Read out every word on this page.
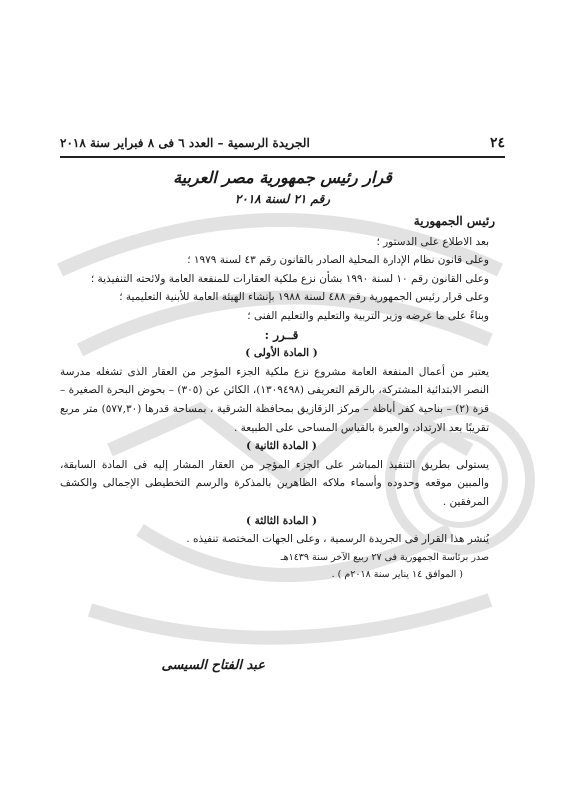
٢٤
الجريدة الرسمية – العدد ٦ فى ٨ فبراير سنة ٢٠١٨
قرار رئيس جمهورية مصر العربية
رقم ٢١ لسنة ٢٠١٨

رئيس الجمهورية

بعد الاطلاع على الدستور ؛

وعلى قانون نظام الإدارة المحلية الصادر بالقانون رقم ٤٣ لسنة ١٩٧٩ ؛

وعلى القانون رقم ١٠ لسنة ١٩٩٠ بشأن نزع ملكية العقارات للمنفعة العامة ولائحته التنفيذية ؛

وعلى قرار رئيس الجمهورية رقم ٤٨٨ لسنة ١٩٨٨ بإنشاء الهيئة العامة للأبنية التعليمية ؛

وبناءً على ما عرضه وزير التربية والتعليم والتعليم الفنى ؛

قــرر :

( المادة الأولى )

يعتبر من أعمال المنفعة العامة مشروع نزع ملكية الجزء المؤجر من العقار الذى تشغله مدرسة النصر الابتدائية المشتركة، بالرقم التعريفى (١٣٠٩٤٩٨)، الكائن عن (٣٠٥) – بحوض البحرة الصغيرة – قزة (٢) – بناحية كفر أباظة – مركز الزقازيق بمحافظة الشرقية ، بمساحة قدرها (٥٧٧,٣٠) متر مربع تقريبًا بعد الارتداد، والعبرة بالقياس المساحى على الطبيعة .

( المادة الثانية )

يستولى بطريق التنفيذ المباشر على الجزء المؤجر من العقار المشار إليه فى المادة السابقة، والمبين موقعه وحدوده وأسماء ملاكه الظاهرين بالمذكرة والرسم التخطيطى الإجمالى والكشف المرفقين .

( المادة الثالثة )

يُنشر هذا القرار فى الجريدة الرسمية ، وعلى الجهات المختصة تنفيذه .

صدر برئاسة الجمهورية فى ٢٧ ربيع الآخر سنة ١٤٣٩هـ

( الموافق ١٤ يناير سنة ٢٠١٨م ) .

عبد الفتاح السيسى
